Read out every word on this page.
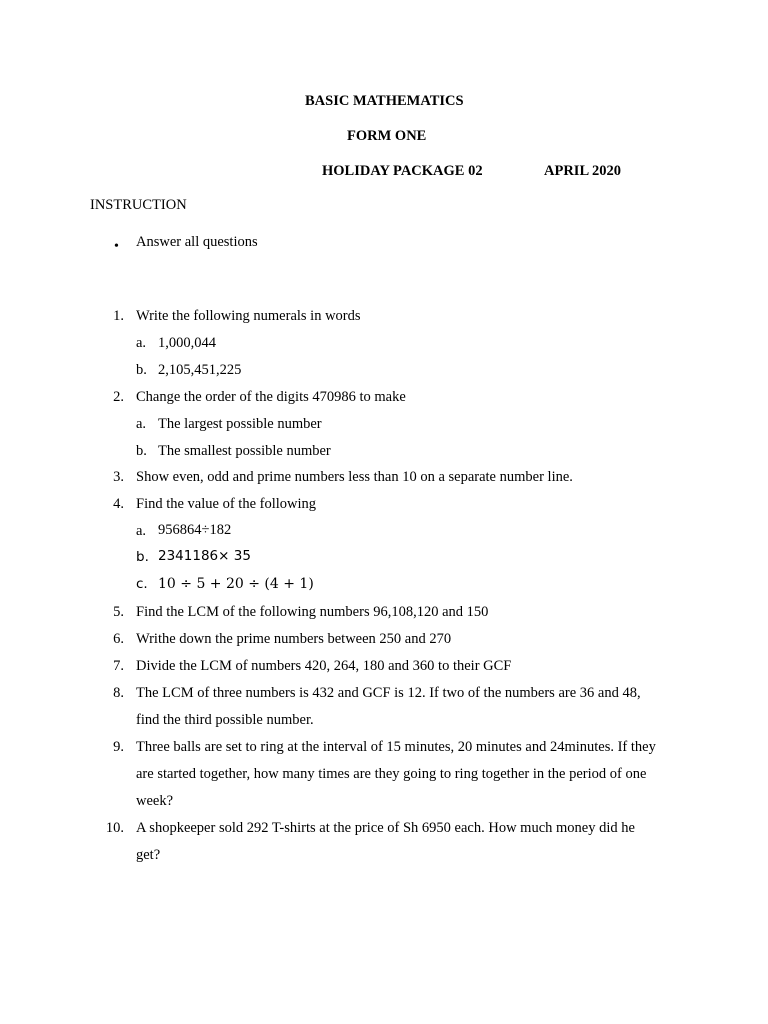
BASIC MATHEMATICS
FORM ONE
HOLIDAY PACKAGE 02	APRIL 2020
INSTRUCTION
• Answer all questions
1. Write the following numerals in words
a. 1,000,044
b. 2,105,451,225
2. Change the order of the digits 470986 to make
a. The largest possible number
b. The smallest possible number
3. Show even, odd and prime numbers less than 10 on a separate number line.
4. Find the value of the following
a. 956864÷182
b. 2341186× 35
c. 10 ÷ 5 + 20 ÷ (4 + 1)
5. Find the LCM of the following numbers 96,108,120 and 150
6. Writhe down the prime numbers between 250 and 270
7. Divide the LCM of numbers 420, 264, 180 and 360 to their GCF
8. The LCM of three numbers is 432 and GCF is 12. If two of the numbers are 36 and 48,
find the third possible number.
9. Three balls are set to ring at the interval of 15 minutes, 20 minutes and 24minutes. If they
are started together, how many times are they going to ring together in the period of one
week?
10. A shopkeeper sold 292 T-shirts at the price of Sh 6950 each. How much money did he
get?
